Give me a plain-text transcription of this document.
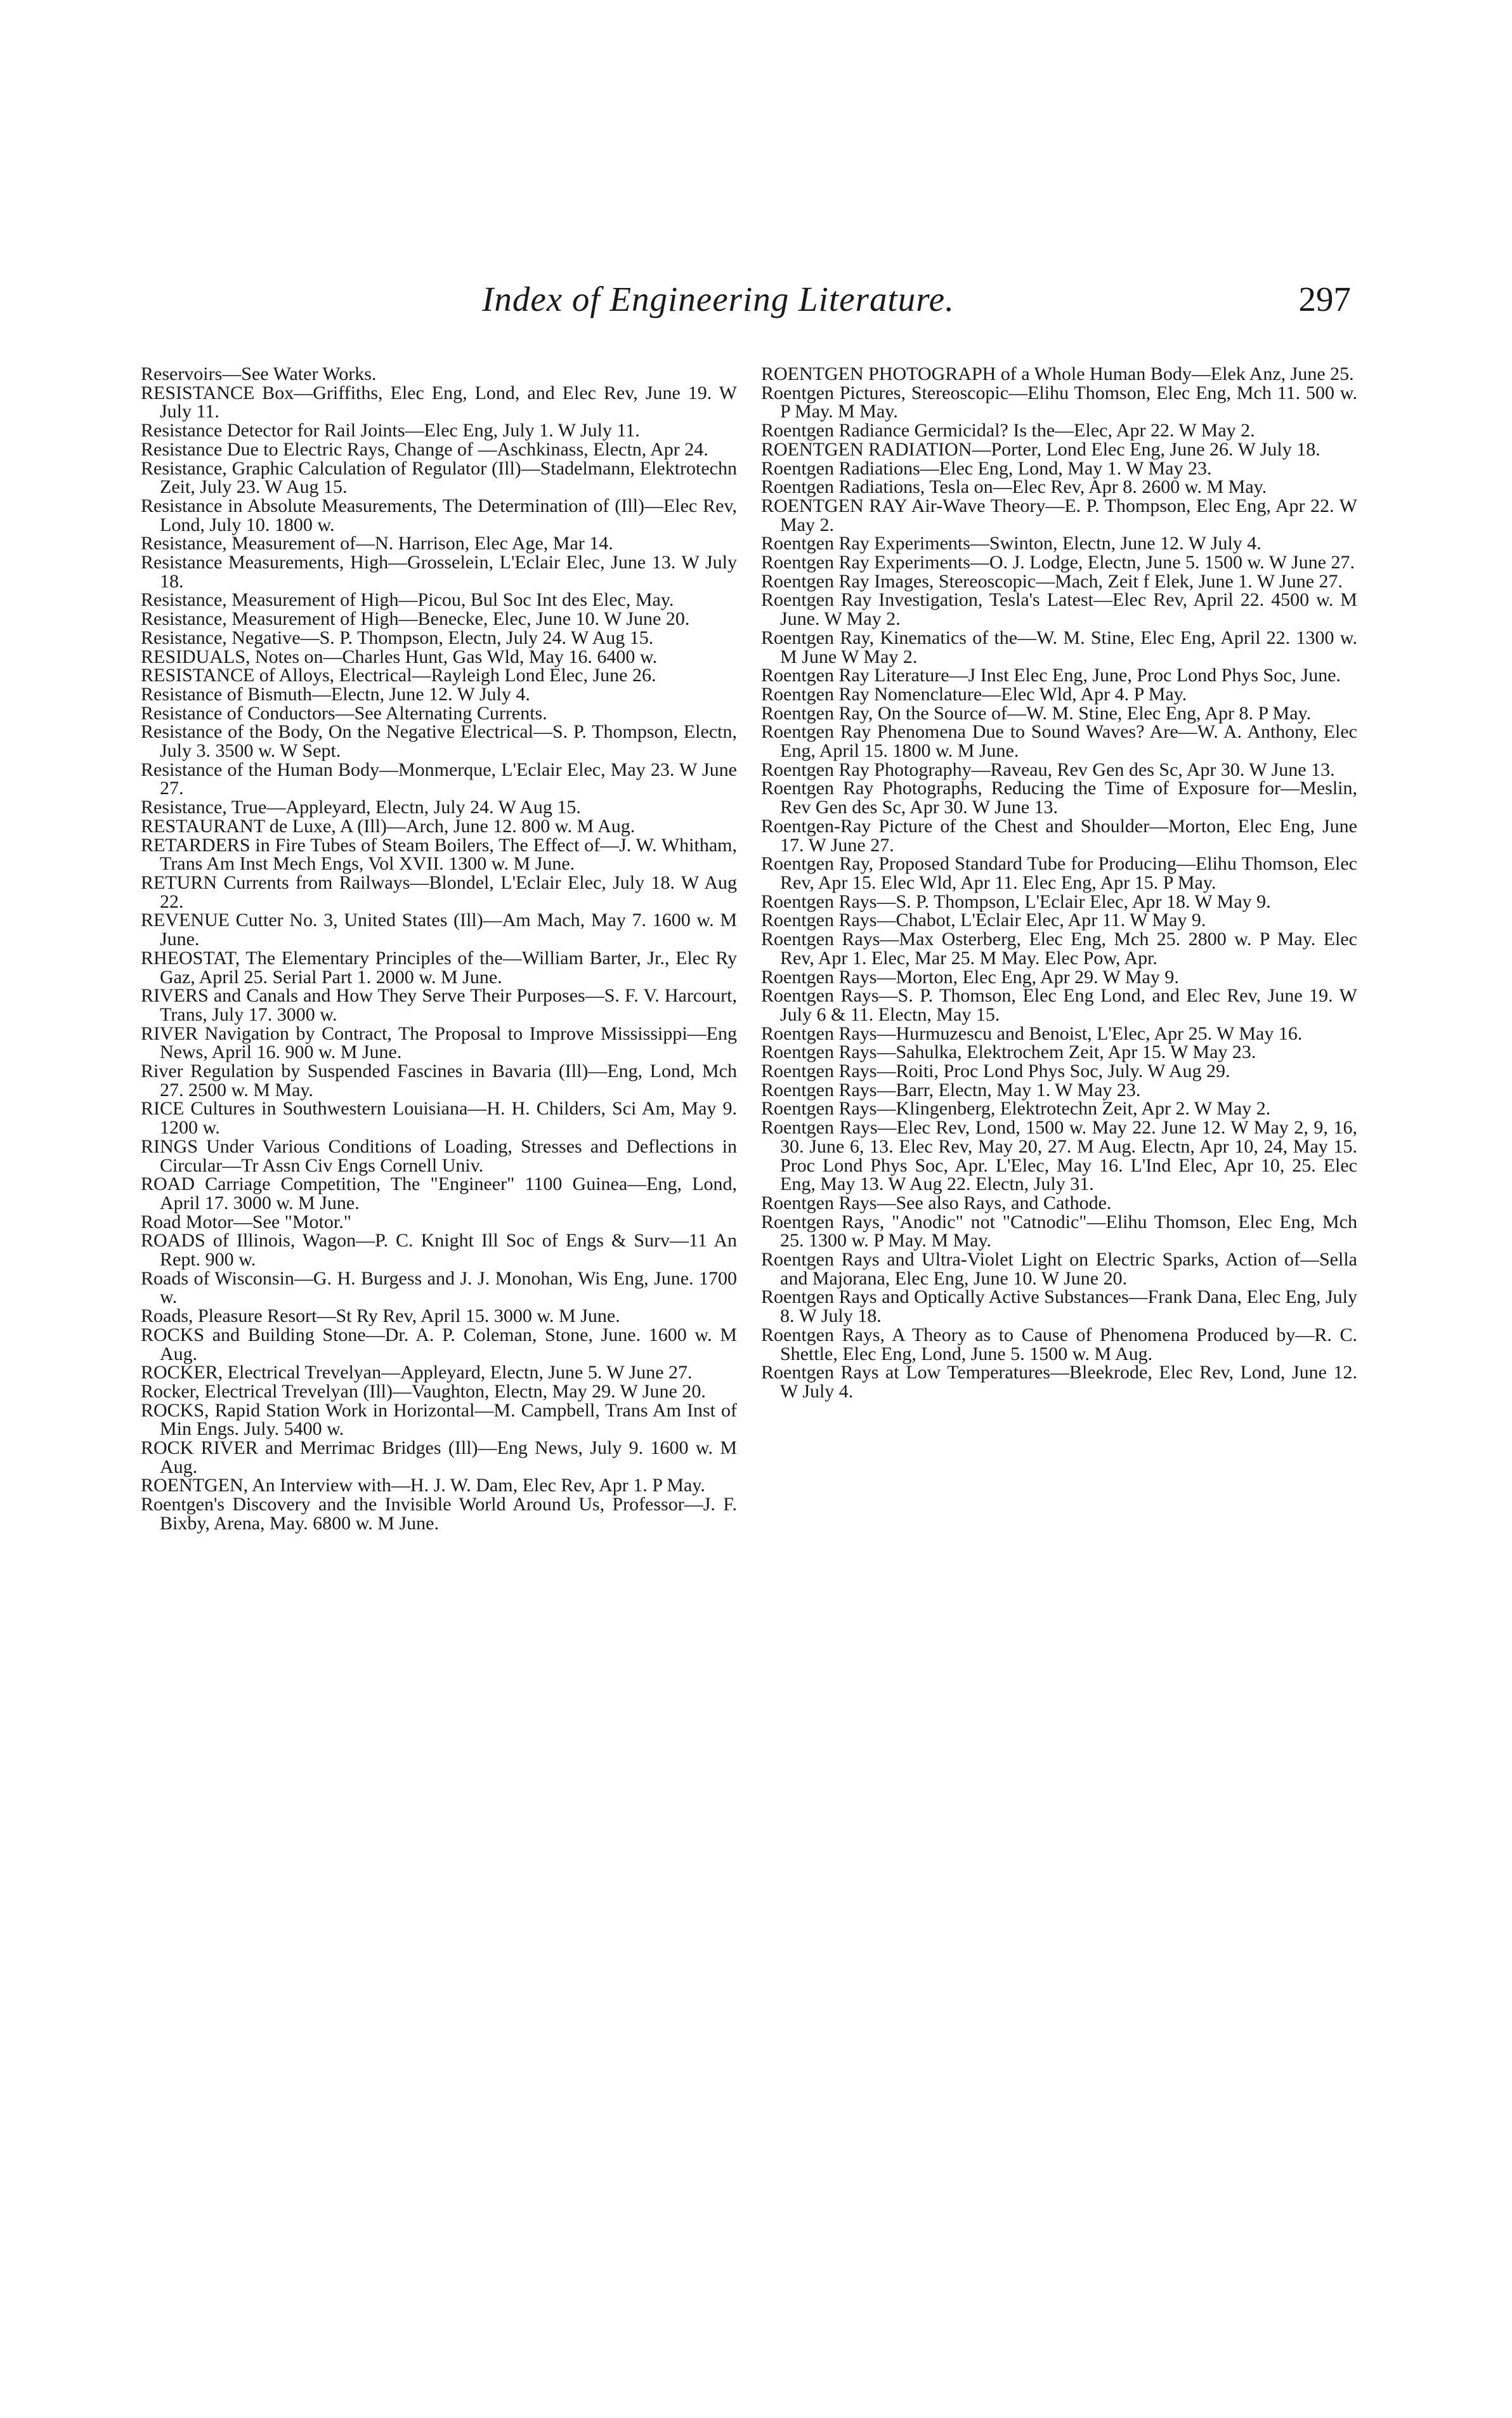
Index of Engineering Literature.	297

Reservoirs—See Water Works.

RESISTANCE Box—Griffiths, Elec Eng, Lond, and Elec Rev, June 19. W July 11.

Resistance Detector for Rail Joints—Elec Eng, July 1. W July 11.

Resistance Due to Electric Rays, Change of —Aschkinass, Electn, Apr 24.

Resistance, Graphic Calculation of Regulator (Ill)—Stadelmann, Elektrotechn Zeit, July 23. W Aug 15.

Resistance in Absolute Measurements, The Determination of (Ill)—Elec Rev, Lond, July 10. 1800 w.

Resistance, Measurement of—N. Harrison, Elec Age, Mar 14.

Resistance Measurements, High—Grosselein, L'Eclair Elec, June 13. W July 18.

Resistance, Measurement of High—Picou, Bul Soc Int des Elec, May.

Resistance, Measurement of High—Benecke, Elec, June 10. W June 20.

Resistance, Negative—S. P. Thompson, Electn, July 24. W Aug 15.

RESIDUALS, Notes on—Charles Hunt, Gas Wld, May 16. 6400 w.

RESISTANCE of Alloys, Electrical—Rayleigh Lond Elec, June 26.

Resistance of Bismuth—Electn, June 12. W July 4.

Resistance of Conductors—See Alternating Currents.

Resistance of the Body, On the Negative Electrical—S. P. Thompson, Electn, July 3. 3500 w. W Sept.

Resistance of the Human Body—Monmerque, L'Eclair Elec, May 23. W June 27.

Resistance, True—Appleyard, Electn, July 24. W Aug 15.

RESTAURANT de Luxe, A (Ill)—Arch, June 12. 800 w. M Aug.

RETARDERS in Fire Tubes of Steam Boilers, The Effect of—J. W. Whitham, Trans Am Inst Mech Engs, Vol XVII. 1300 w. M June.

RETURN Currents from Railways—Blondel, L'Eclair Elec, July 18. W Aug 22.

REVENUE Cutter No. 3, United States (Ill)—Am Mach, May 7. 1600 w. M June.

RHEOSTAT, The Elementary Principles of the—William Barter, Jr., Elec Ry Gaz, April 25. Serial Part 1. 2000 w. M June.

RIVERS and Canals and How They Serve Their Purposes—S. F. V. Harcourt, Trans, July 17. 3000 w.

RIVER Navigation by Contract, The Proposal to Improve Mississippi—Eng News, April 16. 900 w. M June.

River Regulation by Suspended Fascines in Bavaria (Ill)—Eng, Lond, Mch 27. 2500 w. M May.

RICE Cultures in Southwestern Louisiana—H. H. Childers, Sci Am, May 9. 1200 w.

RINGS Under Various Conditions of Loading, Stresses and Deflections in Circular—Tr Assn Civ Engs Cornell Univ.

ROAD Carriage Competition, The "Engineer" 1100 Guinea—Eng, Lond, April 17. 3000 w. M June.

Road Motor—See "Motor."

ROADS of Illinois, Wagon—P. C. Knight Ill Soc of Engs & Surv—11 An Rept. 900 w.

Roads of Wisconsin—G. H. Burgess and J. J. Monohan, Wis Eng, June. 1700 w.

Roads, Pleasure Resort—St Ry Rev, April 15. 3000 w. M June.

ROCKS and Building Stone—Dr. A. P. Coleman, Stone, June. 1600 w. M Aug.

ROCKER, Electrical Trevelyan—Appleyard, Electn, June 5. W June 27.

Rocker, Electrical Trevelyan (Ill)—Vaughton, Electn, May 29. W June 20.

ROCKS, Rapid Station Work in Horizontal—M. Campbell, Trans Am Inst of Min Engs. July. 5400 w.

ROCK RIVER and Merrimac Bridges (Ill)—Eng News, July 9. 1600 w. M Aug.

ROENTGEN, An Interview with—H. J. W. Dam, Elec Rev, Apr 1. P May.

Roentgen's Discovery and the Invisible World Around Us, Professor—J. F. Bixby, Arena, May. 6800 w. M June.

ROENTGEN PHOTOGRAPH of a Whole Human Body—Elek Anz, June 25.

Roentgen Pictures, Stereoscopic—Elihu Thomson, Elec Eng, Mch 11. 500 w. P May. M May.

Roentgen Radiance Germicidal? Is the—Elec, Apr 22. W May 2.

ROENTGEN RADIATION—Porter, Lond Elec Eng, June 26. W July 18.

Roentgen Radiations—Elec Eng, Lond, May 1. W May 23.

Roentgen Radiations, Tesla on—Elec Rev, Apr 8. 2600 w. M May.

ROENTGEN RAY Air-Wave Theory—E. P. Thompson, Elec Eng, Apr 22. W May 2.

Roentgen Ray Experiments—Swinton, Electn, June 12. W July 4.

Roentgen Ray Experiments—O. J. Lodge, Electn, June 5. 1500 w. W June 27.

Roentgen Ray Images, Stereoscopic—Mach, Zeit f Elek, June 1. W June 27.

Roentgen Ray Investigation, Tesla's Latest—Elec Rev, April 22. 4500 w. M June. W May 2.

Roentgen Ray, Kinematics of the—W. M. Stine, Elec Eng, April 22. 1300 w. M June W May 2.

Roentgen Ray Literature—J Inst Elec Eng, June, Proc Lond Phys Soc, June.

Roentgen Ray Nomenclature—Elec Wld, Apr 4. P May.

Roentgen Ray, On the Source of—W. M. Stine, Elec Eng, Apr 8. P May.

Roentgen Ray Phenomena Due to Sound Waves? Are—W. A. Anthony, Elec Eng, April 15. 1800 w. M June.

Roentgen Ray Photography—Raveau, Rev Gen des Sc, Apr 30. W June 13.

Roentgen Ray Photographs, Reducing the Time of Exposure for—Meslin, Rev Gen des Sc, Apr 30. W June 13.

Roentgen-Ray Picture of the Chest and Shoulder—Morton, Elec Eng, June 17. W June 27.

Roentgen Ray, Proposed Standard Tube for Producing—Elihu Thomson, Elec Rev, Apr 15. Elec Wld, Apr 11. Elec Eng, Apr 15. P May.

Roentgen Rays—S. P. Thompson, L'Eclair Elec, Apr 18. W May 9.

Roentgen Rays—Chabot, L'Eclair Elec, Apr 11. W May 9.

Roentgen Rays—Max Osterberg, Elec Eng, Mch 25. 2800 w. P May. Elec Rev, Apr 1. Elec, Mar 25. M May. Elec Pow, Apr.

Roentgen Rays—Morton, Elec Eng, Apr 29. W May 9.

Roentgen Rays—S. P. Thomson, Elec Eng Lond, and Elec Rev, June 19. W July 6 & 11. Electn, May 15.

Roentgen Rays—Hurmuzescu and Benoist, L'Elec, Apr 25. W May 16.

Roentgen Rays—Sahulka, Elektrochem Zeit, Apr 15. W May 23.

Roentgen Rays—Roiti, Proc Lond Phys Soc, July. W Aug 29.

Roentgen Rays—Barr, Electn, May 1. W May 23.

Roentgen Rays—Klingenberg, Elektrotechn Zeit, Apr 2. W May 2.

Roentgen Rays—Elec Rev, Lond, 1500 w. May 22. June 12. W May 2, 9, 16, 30. June 6, 13. Elec Rev, May 20, 27. M Aug. Electn, Apr 10, 24, May 15. Proc Lond Phys Soc, Apr. L'Elec, May 16. L'Ind Elec, Apr 10, 25. Elec Eng, May 13. W Aug 22. Electn, July 31.

Roentgen Rays—See also Rays, and Cathode.

Roentgen Rays, "Anodic" not "Catnodic"—Elihu Thomson, Elec Eng, Mch 25. 1300 w. P May. M May.

Roentgen Rays and Ultra-Violet Light on Electric Sparks, Action of—Sella and Majorana, Elec Eng, June 10. W June 20.

Roentgen Rays and Optically Active Substances—Frank Dana, Elec Eng, July 8. W July 18.

Roentgen Rays, A Theory as to Cause of Phenomena Produced by—R. C. Shettle, Elec Eng, Lond, June 5. 1500 w. M Aug.

Roentgen Rays at Low Temperatures—Bleekrode, Elec Rev, Lond, June 12. W July 4.
